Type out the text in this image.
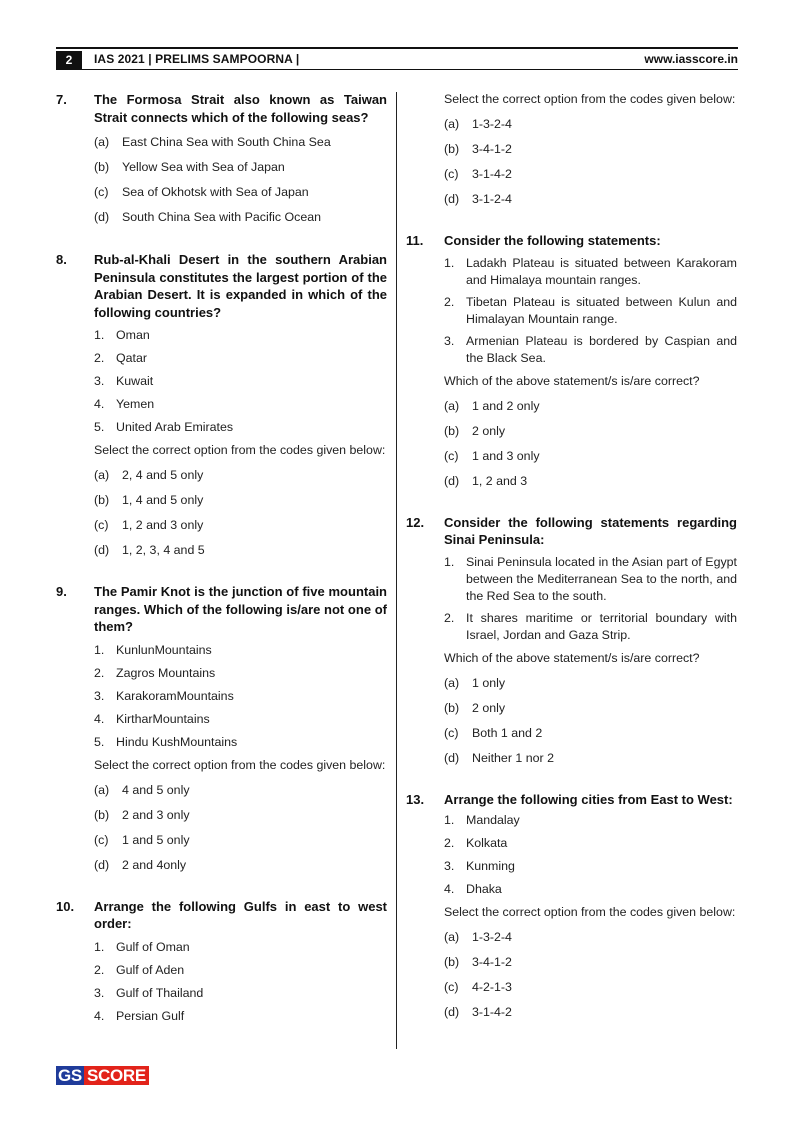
2	IAS 2021 | PRELIMS SAMPOORNA |	www.iasscore.in
7.	The Formosa Strait also known as Taiwan Strait connects which of the following seas?
(a)	East China Sea with South China Sea
(b)	Yellow Sea with Sea of Japan
(c)	Sea of Okhotsk with Sea of Japan
(d)	South China Sea with Pacific Ocean
8.	Rub-al-Khali Desert in the southern Arabian Peninsula constitutes the largest portion of the Arabian Desert. It is expanded in which of the following countries?
1. Oman
2. Qatar
3. Kuwait
4. Yemen
5. United Arab Emirates
Select the correct option from the codes given below:
(a)	2, 4 and 5 only
(b)	1, 4 and 5 only
(c)	1, 2 and 3 only
(d)	1, 2, 3, 4 and 5
9.	The Pamir Knot is the junction of five mountain ranges. Which of the following is/are not one of them?
1. KunlunMountains
2. Zagros Mountains
3. KarakoramMountains
4. KirtharMountains
5. Hindu KushMountains
Select the correct option from the codes given below:
(a)	4 and 5 only
(b)	2 and 3 only
(c)	1 and 5 only
(d)	2 and 4only
10.	Arrange the following Gulfs in east to west order:
1. Gulf of Oman
2. Gulf of Aden
3. Gulf of Thailand
4. Persian Gulf
Select the correct option from the codes given below:
(a)	1-3-2-4
(b)	3-4-1-2
(c)	3-1-4-2
(d)	3-1-2-4
11.	Consider the following statements:
1. Ladakh Plateau is situated between Karakoram and Himalaya mountain ranges.
2. Tibetan Plateau is situated between Kulun and Himalayan Mountain range.
3. Armenian Plateau is bordered by Caspian and the Black Sea.
Which of the above statement/s is/are correct?
(a)	1 and 2 only
(b)	2 only
(c)	1 and 3 only
(d)	1, 2 and 3
12.	Consider the following statements regarding Sinai Peninsula:
1. Sinai Peninsula located in the Asian part of Egypt between the Mediterranean Sea to the north, and the Red Sea to the south.
2. It shares maritime or territorial boundary with Israel, Jordan and Gaza Strip.
Which of the above statement/s is/are correct?
(a)	1 only
(b)	2 only
(c)	Both 1 and 2
(d)	Neither 1 nor 2
13.	Arrange the following cities from East to West:
1. Mandalay
2. Kolkata
3. Kunming
4. Dhaka
Select the correct option from the codes given below:
(a)	1-3-2-4
(b)	3-4-1-2
(c)	4-2-1-3
(d)	3-1-4-2
GS SCORE
